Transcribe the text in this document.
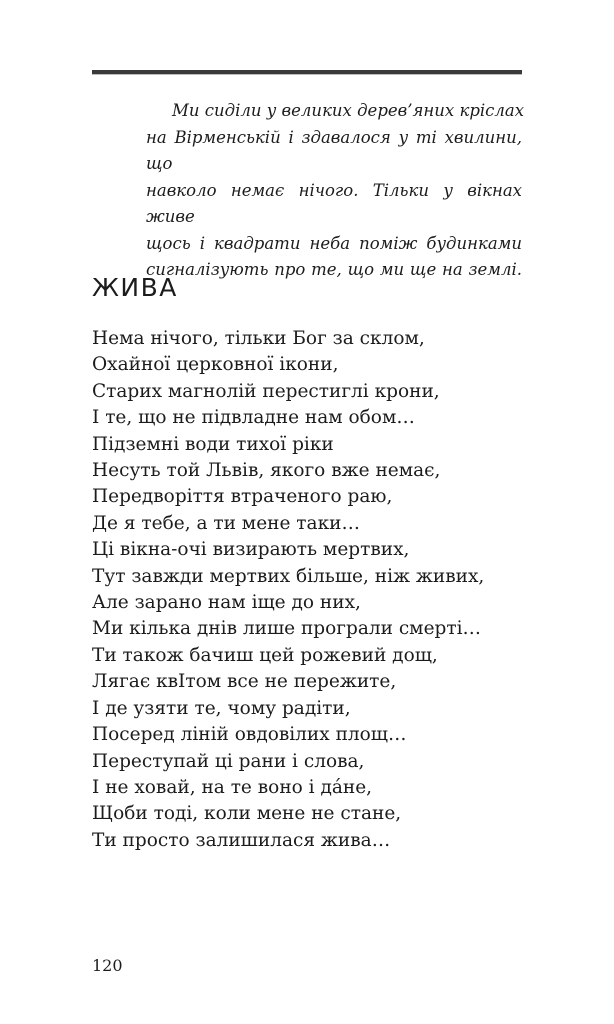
Ми сиділи у великих дерев’яних кріслах
на Вірменській і здавалося у ті хвилини, що
навколо немає нічого. Тільки у вікнах живе
щось і квадрати неба поміж будинками
сигналізують про те, що ми ще на землі.
ЖИВА
Нема нічого, тільки Бог за склом,
Охайної церковної ікони,
Старих магнолій перестиглі крони,
І те, що не підвладне нам обом…
Підземні води тихої ріки
Несуть той Львів, якого вже немає,
Передворіття втраченого раю,
Де я тебе, а ти мене таки…
Ці вікна-очі визирають мертвих,
Тут завжди мертвих більше, ніж живих,
Але зарано нам іще до них,
Ми кілька днів лише програли смерті…
Ти також бачиш цей рожевий дощ,
Лягає квІтом все не пережите,
І де узяти те, чому радіти,
Посеред ліній овдовілих площ…
Переступай ці рани і слова,
І не ховай, на те воно і дáне,
Щоби тоді, коли мене не стане,
Ти просто залишилася жива…
120
